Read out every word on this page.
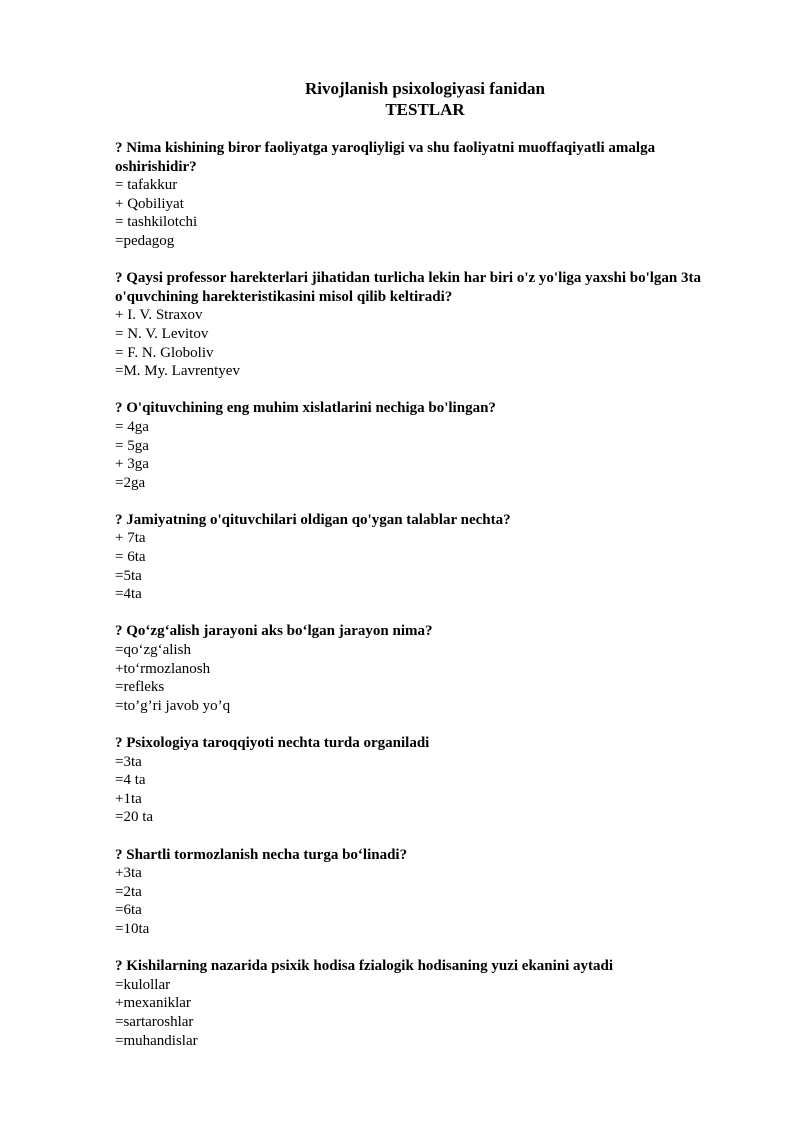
Rivojlanish psixologiyasi fanidan
TESTLAR
? Nima kishining biror faoliyatga yaroqliyligi va shu faoliyatni muoffaqiyatli amalga oshirishidir?
= tafakkur
+ Qobiliyat
= tashkilotchi
=pedagog
? Qaysi professor harekterlari jihatidan turlicha lekin har biri o'z yo'liga yaxshi bo'lgan 3ta o'quvchining harekteristikasini misol qilib keltiradi?
+ I. V. Straxov
= N. V. Levitov
= F. N. Globoliv
=M. My. Lavrentyev
? O'qituvchining eng muhim xislatlarini nechiga bo'lingan?
= 4ga
= 5ga
+ 3ga
=2ga
? Jamiyatning o'qituvchilari oldigan qo'ygan talablar nechta?
+ 7ta
= 6ta
=5ta
=4ta
? Qo‘zg‘alish jarayoni aks bo‘lgan jarayon nima?
=qo‘zg‘alish
+to‘rmozlanosh
=refleks
=to’g’ri javob yo’q
? Psixologiya taroqqiyoti nechta turda organiladi
=3ta
=4 ta
+1ta
=20 ta
? Shartli tormozlanish necha turga bo‘linadi?
+3ta
=2ta
=6ta
=10ta
? Kishilarning nazarida psixik hodisa fzialogik hodisaning yuzi ekanini aytadi
=kulollar
+mexaniklar
=sartaroshlar
=muhandislar
